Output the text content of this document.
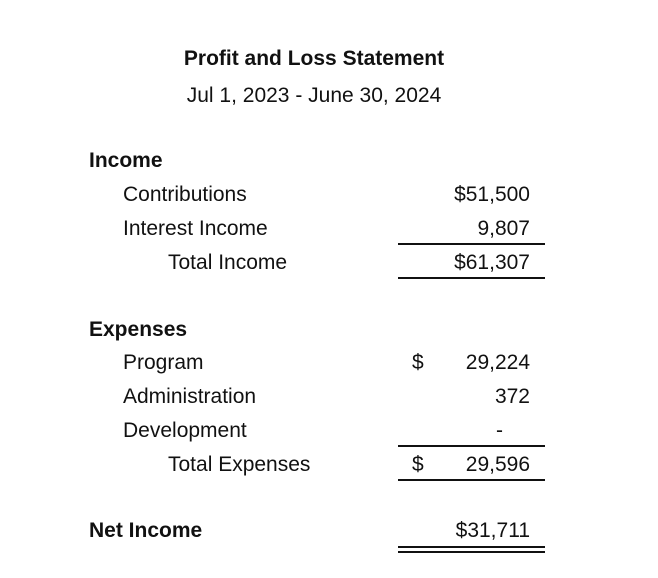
Profit and Loss Statement
Jul 1, 2023 - June 30, 2024
Income
Contributions	$51,500
Interest Income	9,807
Total Income	$61,307
Expenses
Program	$ 29,224
Administration	372
Development	-
Total Expenses	$ 29,596
Net Income	$31,711
